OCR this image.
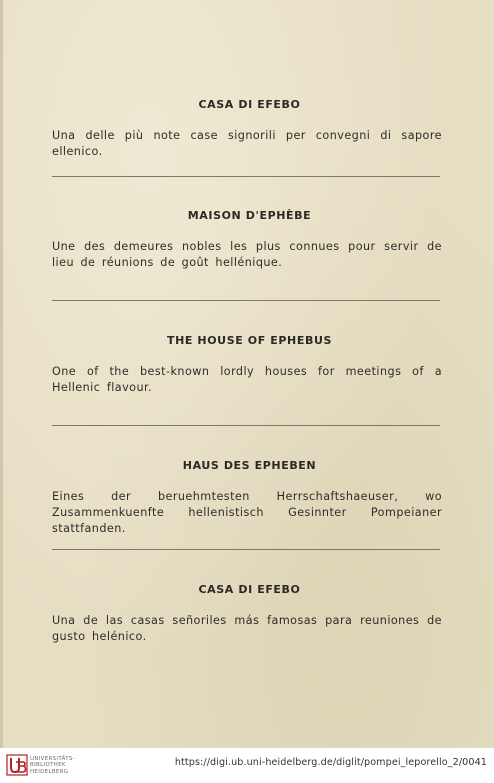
CASA DI EFEBO

Una delle più note case signorili per convegni di sapore ellenico.

MAISON D'EPHÈBE

Une des demeures nobles les plus connues pour servir de lieu de réunions de goût hellénique.

THE HOUSE OF EPHEBUS

One of the best-known lordly houses for meetings of a Hellenic flavour.

HAUS DES EPHEBEN

Eines der beruehmtesten Herrschaftshaeuser, wo Zusammenkuenfte hellenistisch Gesinnter Pompeianer stattfanden.

CASA DI EFEBO

Una de las casas señoriles más famosas para reuniones de gusto helénico.

UNIVERSITÄTS-
BIBLIOTHEK
HEIDELBERG
https://digi.ub.uni-heidelberg.de/diglit/pompei_leporello_2/0041
